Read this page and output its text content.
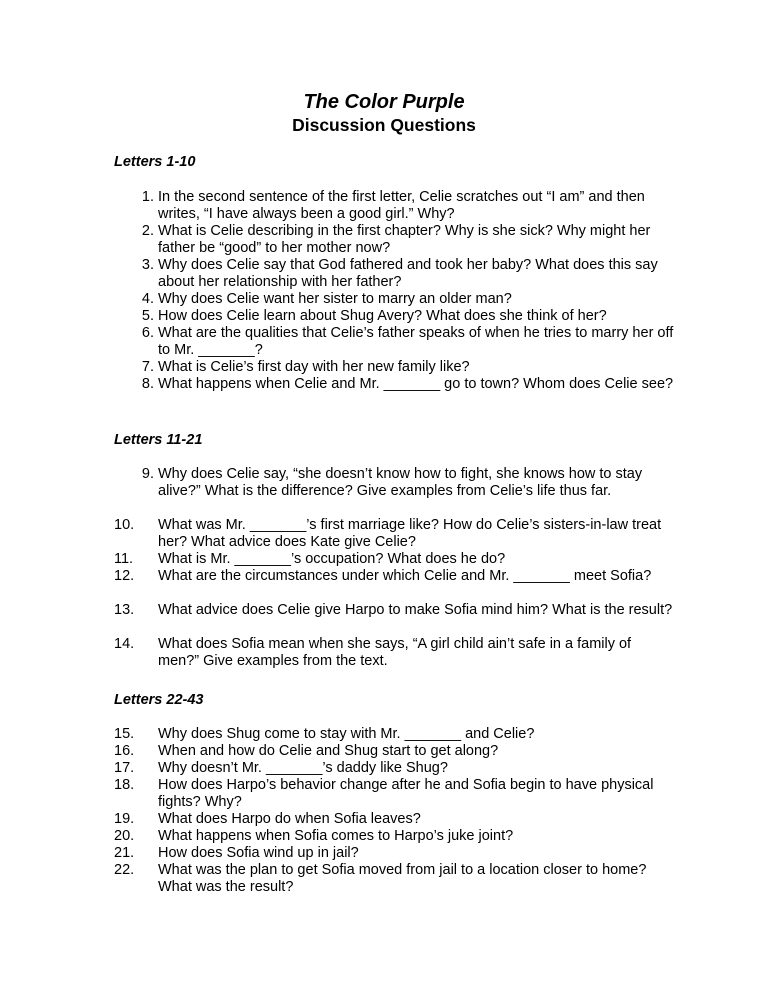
The Color Purple
Discussion Questions
Letters 1-10
1. In the second sentence of the first letter, Celie scratches out “I am” and then writes, “I have always been a good girl.” Why?
2. What is Celie describing in the first chapter? Why is she sick? Why might her father be “good” to her mother now?
3. Why does Celie say that God fathered and took her baby? What does this say about her relationship with her father?
4. Why does Celie want her sister to marry an older man?
5. How does Celie learn about Shug Avery? What does she think of her?
6. What are the qualities that Celie’s father speaks of when he tries to marry her off to Mr. _______?
7. What is Celie’s first day with her new family like?
8. What happens when Celie and Mr. _______ go to town? Whom does Celie see?
Letters 11-21
9. Why does Celie say, “she doesn’t know how to fight, she knows how to stay alive?” What is the difference? Give examples from Celie’s life thus far.
10.	What was Mr. _______’s first marriage like? How do Celie’s sisters-in-law treat her? What advice does Kate give Celie?
11.	What is Mr. _______’s occupation? What does he do?
12.	What are the circumstances under which Celie and Mr. _______ meet Sofia?
13.	What advice does Celie give Harpo to make Sofia mind him? What is the result?
14.	What does Sofia mean when she says, “A girl child ain’t safe in a family of men?” Give examples from the text.
Letters 22-43
15.	Why does Shug come to stay with Mr. _______ and Celie?
16.	When and how do Celie and Shug start to get along?
17.	Why doesn’t Mr. _______’s daddy like Shug?
18.	How does Harpo’s behavior change after he and Sofia begin to have physical fights? Why?
19.	What does Harpo do when Sofia leaves?
20.	What happens when Sofia comes to Harpo’s juke joint?
21.	How does Sofia wind up in jail?
22.	What was the plan to get Sofia moved from jail to a location closer to home? What was the result?
